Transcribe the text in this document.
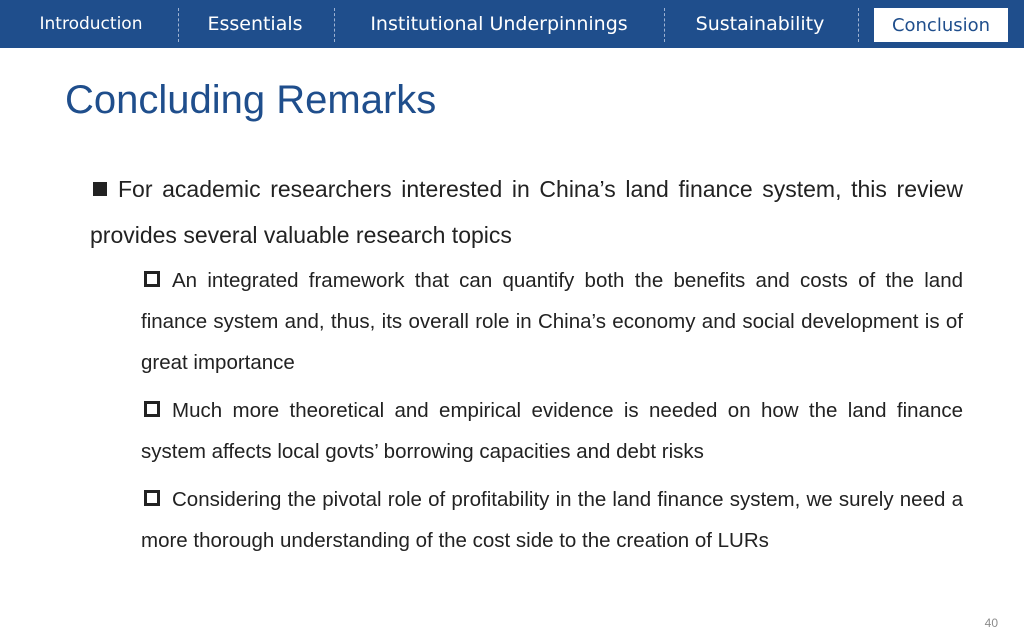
Introduction	Essentials	Institutional Underpinnings	Sustainability	Conclusion
Concluding Remarks
For academic researchers interested in China’s land finance system, this review provides several valuable research topics
An integrated framework that can quantify both the benefits and costs of the land finance system and, thus, its overall role in China’s economy and social development is of great importance
Much more theoretical and empirical evidence is needed on how the land finance system affects local govts’ borrowing capacities and debt risks
Considering the pivotal role of profitability in the land finance system, we surely need a more thorough understanding of the cost side to the creation of LURs
40
